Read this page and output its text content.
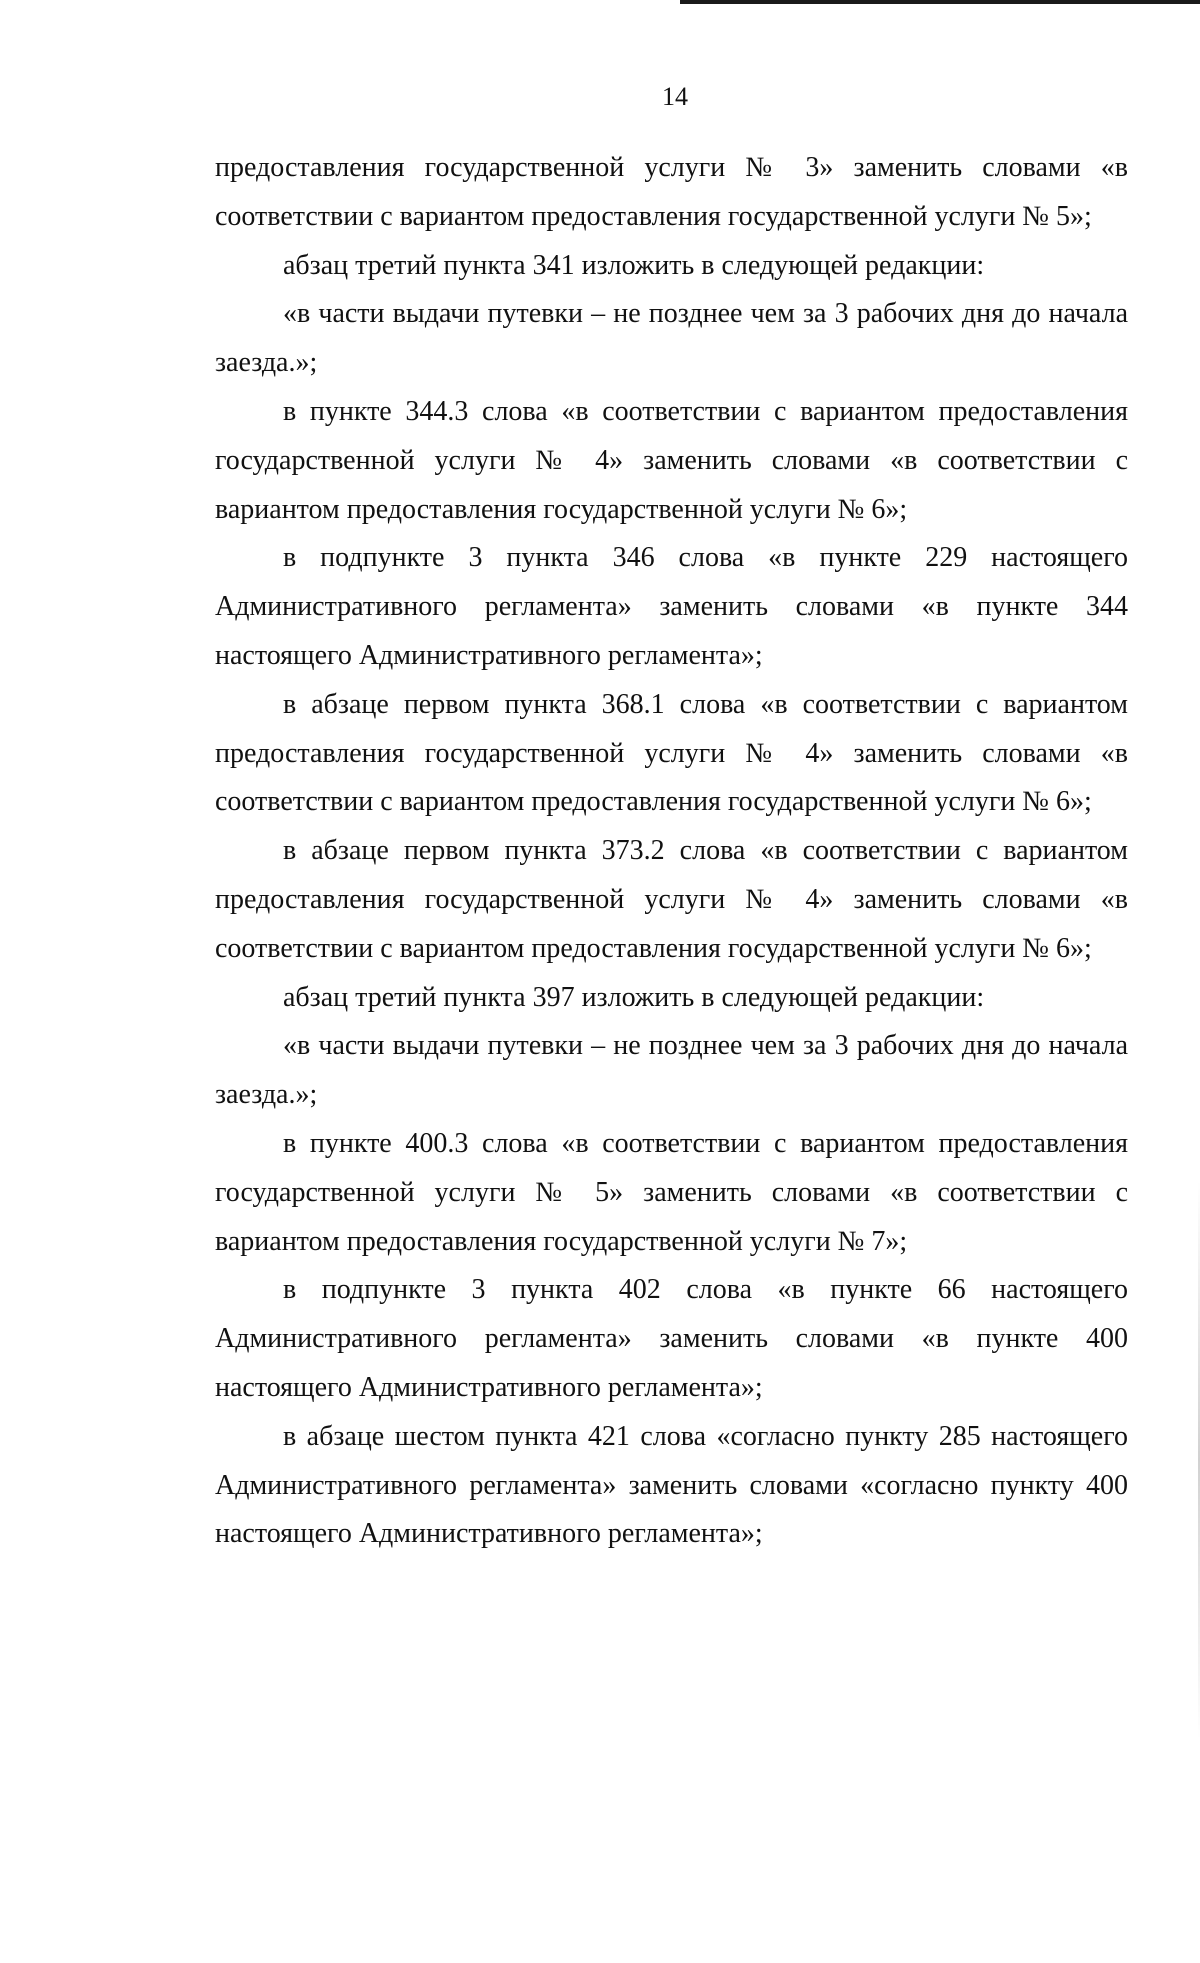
14

предоставления государственной услуги № 3» заменить словами «в соответствии с вариантом предоставления государственной услуги № 5»;

абзац третий пункта 341 изложить в следующей редакции:

«в части выдачи путевки – не позднее чем за 3 рабочих дня до начала заезда.»;

в пункте 344.3 слова «в соответствии с вариантом предоставления государственной услуги № 4» заменить словами «в соответствии с вариантом предоставления государственной услуги № 6»;

в подпункте 3 пункта 346 слова «в пункте 229 настоящего Административного регламента» заменить словами «в пункте 344 настоящего Административного регламента»;

в абзаце первом пункта 368.1 слова «в соответствии с вариантом предоставления государственной услуги № 4» заменить словами «в соответствии с вариантом предоставления государственной услуги № 6»;

в абзаце первом пункта 373.2 слова «в соответствии с вариантом предоставления государственной услуги № 4» заменить словами «в соответствии с вариантом предоставления государственной услуги № 6»;

абзац третий пункта 397 изложить в следующей редакции:

«в части выдачи путевки – не позднее чем за 3 рабочих дня до начала заезда.»;

в пункте 400.3 слова «в соответствии с вариантом предоставления государственной услуги № 5» заменить словами «в соответствии с вариантом предоставления государственной услуги № 7»;

в подпункте 3 пункта 402 слова «в пункте 66 настоящего Административного регламента» заменить словами «в пункте 400 настоящего Административного регламента»;

в абзаце шестом пункта 421 слова «согласно пункту 285 настоящего Административного регламента» заменить словами «согласно пункту 400 настоящего Административного регламента»;
